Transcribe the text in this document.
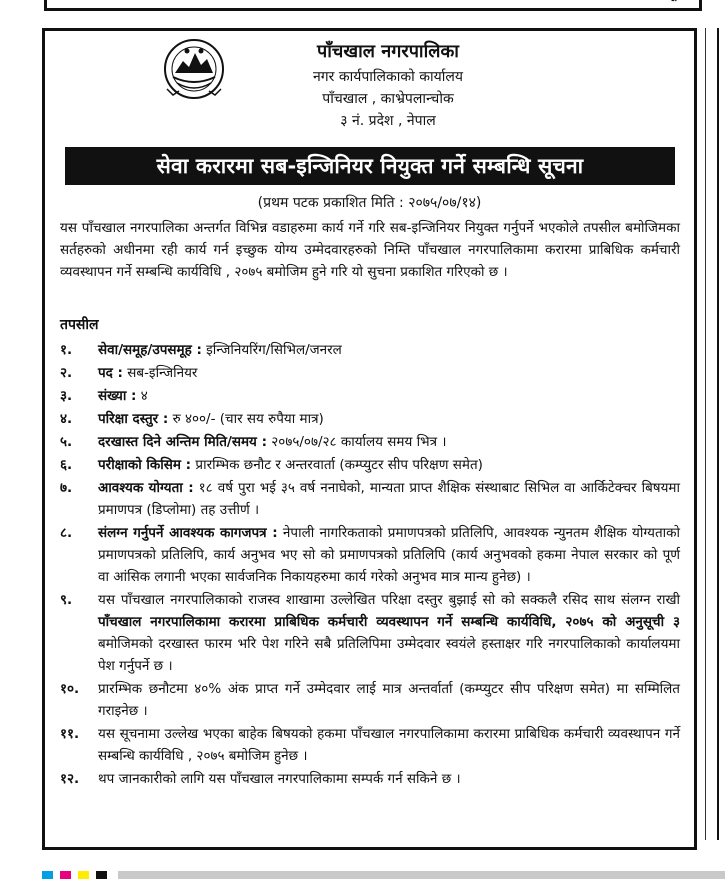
पाँचखाल नगरपालिका

नगर कार्यपालिकाको कार्यालय

पाँचखाल , काभ्रेपलान्चोक

३ नं. प्रदेश , नेपाल

सेवा करारमा सब-इन्जिनियर नियुक्त गर्ने सम्बन्धि सूचना
(प्रथम पटक प्रकाशित मिति : २०७५/०७/१४)
यस पाँचखाल नगरपालिका अन्तर्गत विभिन्न वडाहरुमा कार्य गर्ने गरि सब-इन्जिनियर नियुक्त गर्नुपर्ने भएकोले तपसील बमोजिमका सर्तहरुको अधीनमा रही कार्य गर्न इच्छुक योग्य उम्मेदवारहरुको निम्ति पाँचखाल नगरपालिकामा करारमा प्राबिधिक कर्मचारी व्यवस्थापन गर्ने सम्बन्धि कार्यविधि , २०७५ बमोजिम हुने गरि यो सुचना प्रकाशित गरिएको छ ।
तपसील
१.	सेवा/समूह/उपसमूह : इन्जिनियरिंग/सिभिल/जनरल
२.	पद : सब-इन्जिनियर
३.	संख्या : ४
४.	परिक्षा दस्तुर : रु ४००/- (चार सय रुपैया मात्र)
५.	दरखास्त दिने अन्तिम मिति/समय : २०७५/०७/२८ कार्यालय समय भित्र ।
६.	परीक्षाको किसिम : प्रारम्भिक छनौट र अन्तरवार्ता (कम्प्युटर सीप परिक्षण समेत)
७.	आवश्यक योग्यता : १८ वर्ष पुरा भई ३५ वर्ष ननाघेको, मान्यता प्राप्त शैक्षिक संस्थाबाट सिभिल वा आर्किटेक्चर बिषयमा प्रमाणपत्र (डिप्लोमा) तह उत्तीर्ण ।
८.	संलग्न गर्नुपर्ने आवश्यक कागजपत्र : नेपाली नागरिकताको प्रमाणपत्रको प्रतिलिपि, आवश्यक न्युनतम शैक्षिक योग्यताको प्रमाणपत्रको प्रतिलिपि, कार्य अनुभव भए सो को प्रमाणपत्रको प्रतिलिपि (कार्य अनुभवको हकमा नेपाल सरकार को पूर्ण वा आंसिक लगानी भएका सार्वजनिक निकायहरुमा कार्य गरेको अनुभव मात्र मान्य हुनेछ) ।
९.	यस पाँचखाल नगरपालिकाको राजस्व शाखामा उल्लेखित परिक्षा दस्तुर बुझाई सो को सक्कलै रसिद साथ संलग्न राखी पाँचखाल नगरपालिकामा करारमा प्राबिधिक कर्मचारी व्यवस्थापन गर्ने सम्बन्धि कार्यविधि, २०७५ को अनुसूची ३ बमोजिमको दरखास्त फारम भरि पेश गरिने सबै प्रतिलिपिमा उम्मेदवार स्वयंले हस्ताक्षर गरि नगरपालिकाको कार्यालयमा पेश गर्नुपर्ने छ ।
१०.	प्रारम्भिक छनौटमा ४०% अंक प्राप्त गर्ने उम्मेदवार लाई मात्र अन्तर्वार्ता (कम्प्युटर सीप परिक्षण समेत) मा सम्मिलित गराइनेछ ।
११.	यस सूचनामा उल्लेख भएका बाहेक बिषयको हकमा पाँचखाल नगरपालिकामा करारमा प्राबिधिक कर्मचारी व्यवस्थापन गर्ने सम्बन्धि कार्यविधि , २०७५ बमोजिम हुनेछ ।
१२.	थप जानकारीको लागि यस पाँचखाल नगरपालिकामा सम्पर्क गर्न सकिने छ ।
